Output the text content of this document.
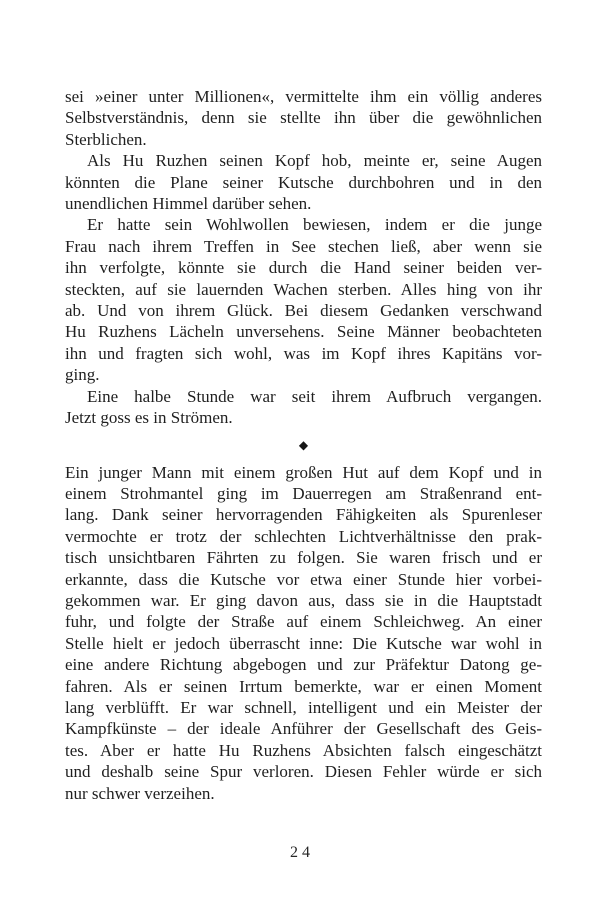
sei »einer unter Millionen«, vermittelte ihm ein völlig anderes
Selbstverständnis, denn sie stellte ihn über die gewöhnlichen
Sterblichen.
Als Hu Ruzhen seinen Kopf hob, meinte er, seine Augen
könnten die Plane seiner Kutsche durchbohren und in den
unendlichen Himmel darüber sehen.
Er hatte sein Wohlwollen bewiesen, indem er die junge
Frau nach ihrem Treffen in See stechen ließ, aber wenn sie
ihn verfolgte, könnte sie durch die Hand seiner beiden ver-
steckten, auf sie lauernden Wachen sterben. Alles hing von ihr
ab. Und von ihrem Glück. Bei diesem Gedanken verschwand
Hu Ruzhens Lächeln unversehens. Seine Männer beobachteten
ihn und fragten sich wohl, was im Kopf ihres Kapitäns vor-
ging.
Eine halbe Stunde war seit ihrem Aufbruch vergangen.
Jetzt goss es in Strömen.
◆
Ein junger Mann mit einem großen Hut auf dem Kopf und in
einem Strohmantel ging im Dauerregen am Straßenrand ent-
lang. Dank seiner hervorragenden Fähigkeiten als Spurenleser
vermochte er trotz der schlechten Lichtverhältnisse den prak-
tisch unsichtbaren Fährten zu folgen. Sie waren frisch und er
erkannte, dass die Kutsche vor etwa einer Stunde hier vorbei-
gekommen war. Er ging davon aus, dass sie in die Hauptstadt
fuhr, und folgte der Straße auf einem Schleichweg. An einer
Stelle hielt er jedoch überrascht inne: Die Kutsche war wohl in
eine andere Richtung abgebogen und zur Präfektur Datong ge-
fahren. Als er seinen Irrtum bemerkte, war er einen Moment
lang verblüfft. Er war schnell, intelligent und ein Meister der
Kampfkünste – der ideale Anführer der Gesellschaft des Geis-
tes. Aber er hatte Hu Ruzhens Absichten falsch eingeschätzt
und deshalb seine Spur verloren. Diesen Fehler würde er sich
nur schwer verzeihen.
24
